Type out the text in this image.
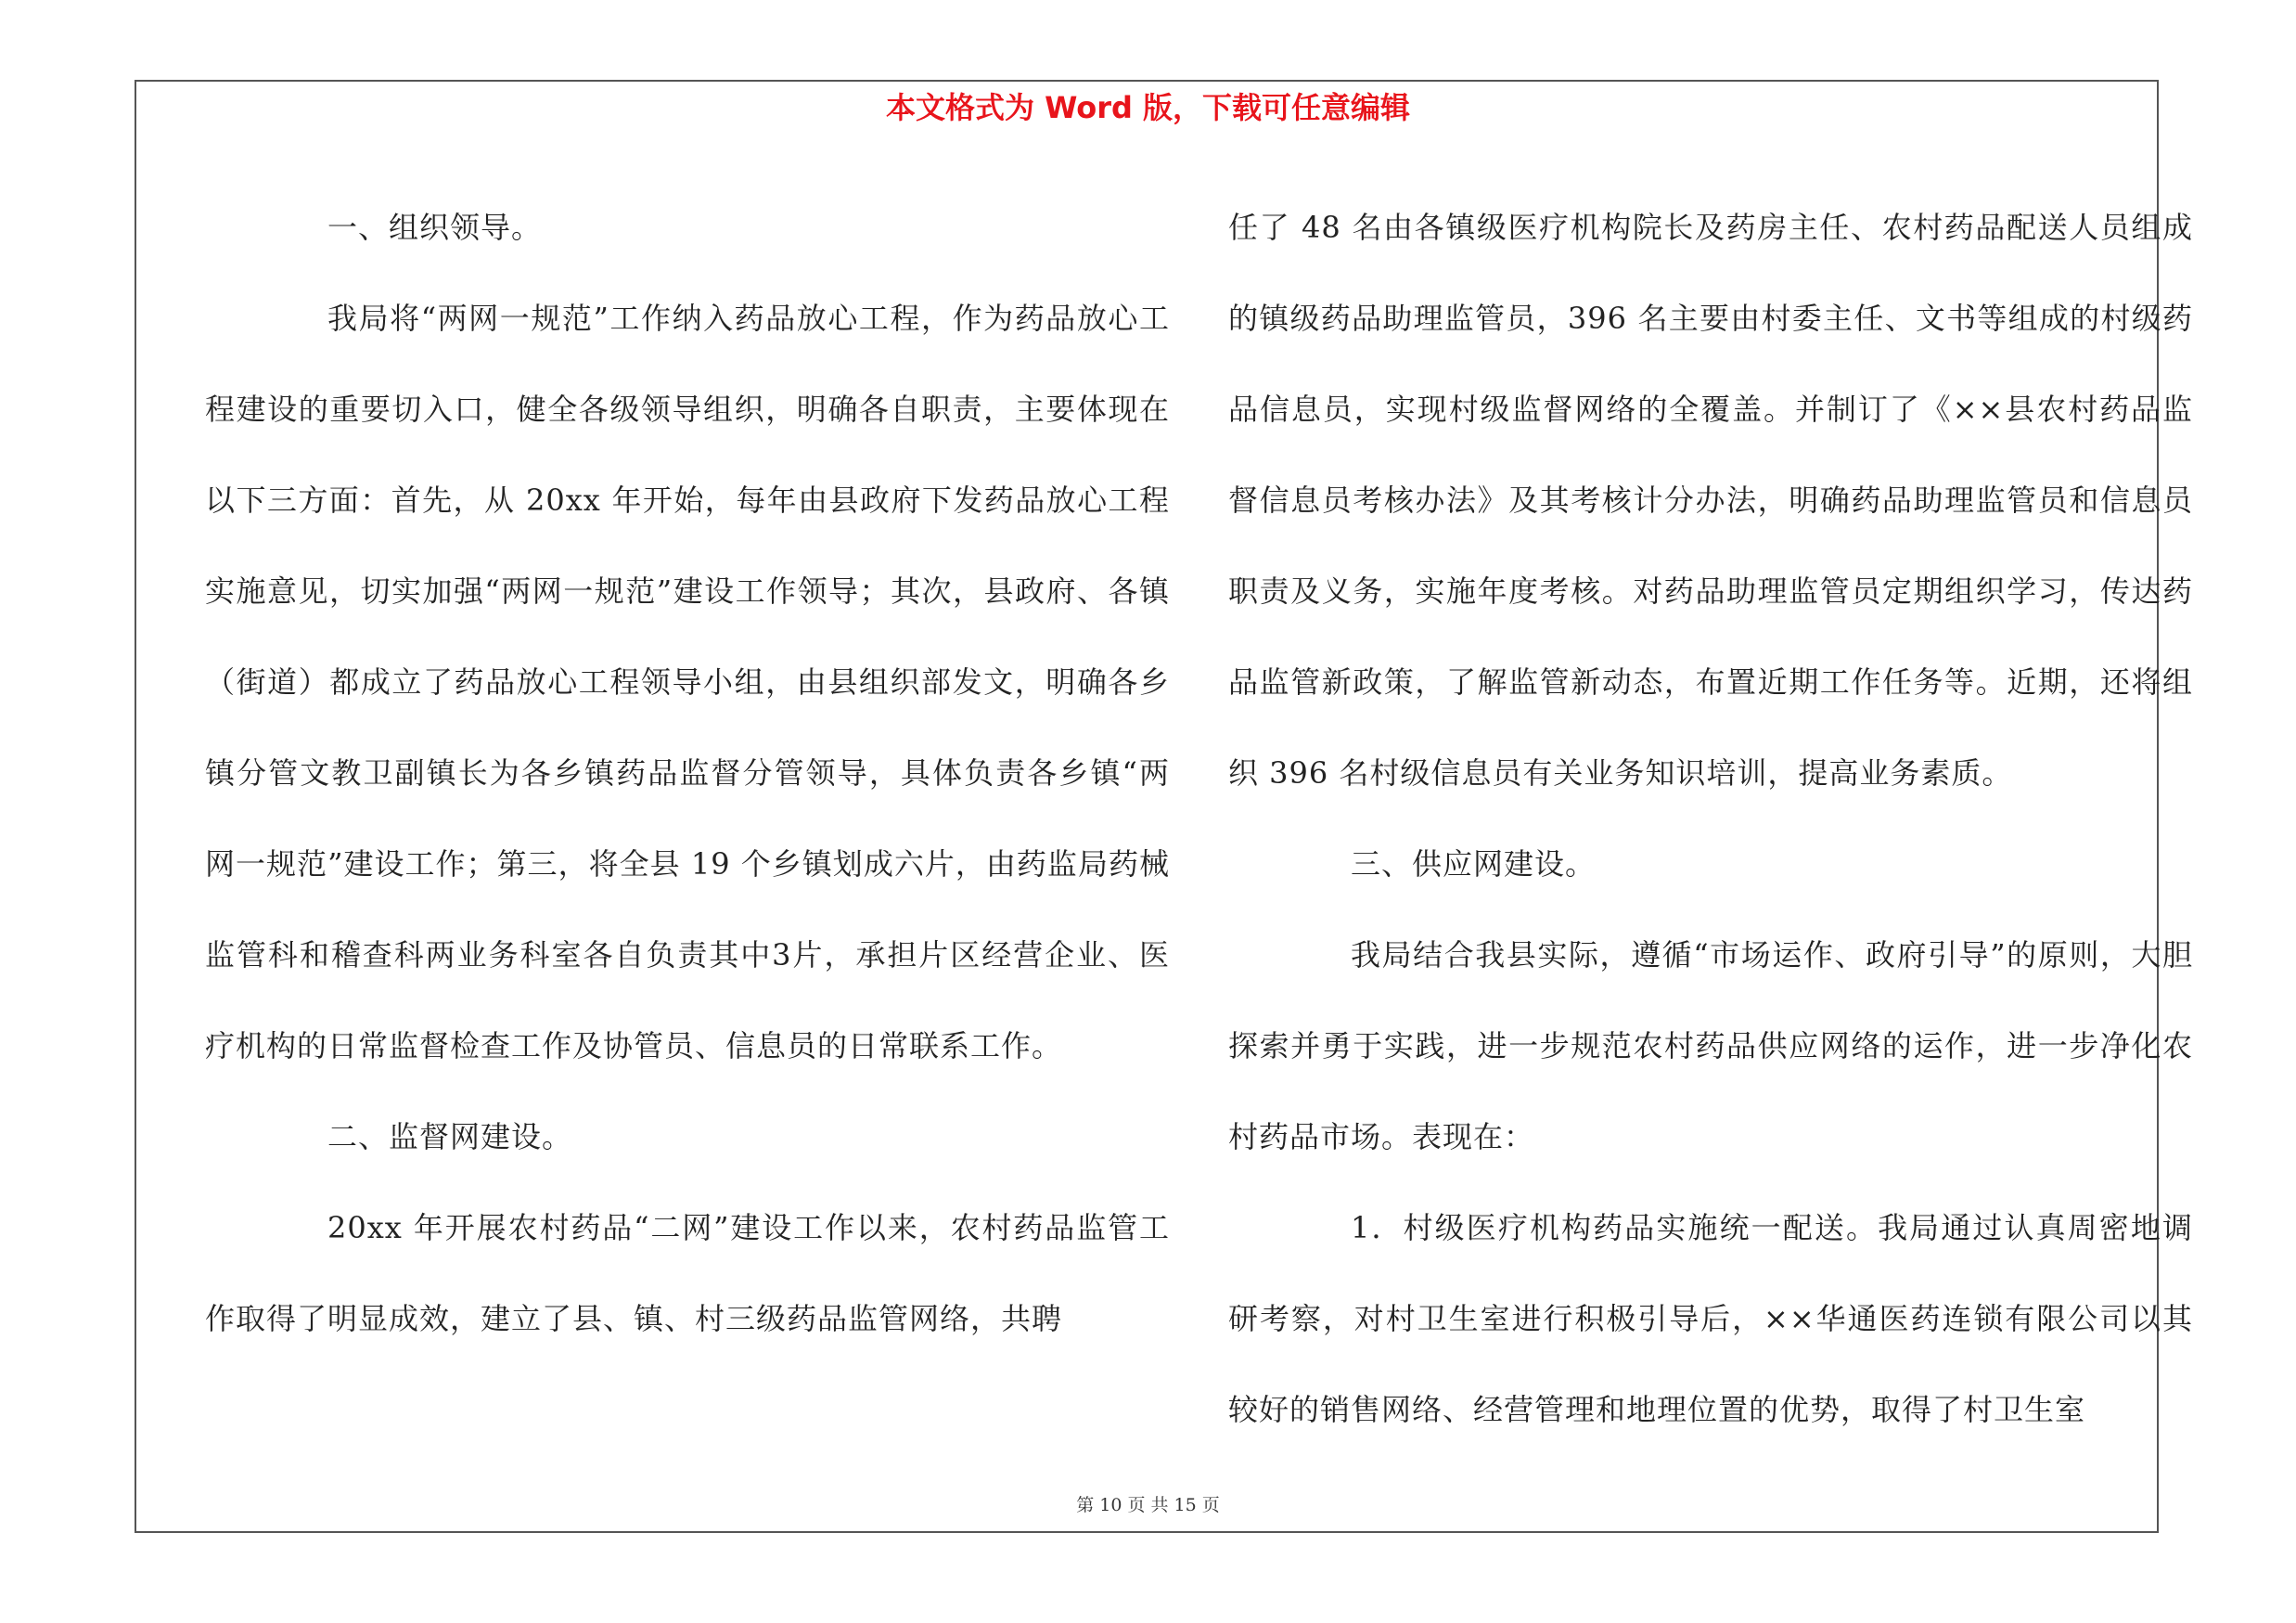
本文格式为 Word 版，下载可任意编辑

一、组织领导。

我局将“两网一规范”工作纳入药品放心工程，作为药品放心工程建设的重要切入口，健全各级领导组织，明确各自职责，主要体现在以下三方面：首先，从 20xx 年开始，每年由县政府下发药品放心工程实施意见，切实加强“两网一规范”建设工作领导；其次，县政府、各镇（街道）都成立了药品放心工程领导小组，由县组织部发文，明确各乡镇分管文教卫副镇长为各乡镇药品监督分管领导，具体负责各乡镇“两网一规范”建设工作；第三，将全县 19 个乡镇划成六片，由药监局药械监管科和稽查科两业务科室各自负责其中3片，承担片区经营企业、医疗机构的日常监督检查工作及协管员、信息员的日常联系工作。

二、监督网建设。

20xx 年开展农村药品“二网”建设工作以来，农村药品监管工作取得了明显成效，建立了县、镇、村三级药品监管网络，共聘

任了 48 名由各镇级医疗机构院长及药房主任、农村药品配送人员组成的镇级药品助理监管员，396 名主要由村委主任、文书等组成的村级药品信息员，实现村级监督网络的全覆盖。并制订了《××县农村药品监督信息员考核办法》及其考核计分办法，明确药品助理监管员和信息员职责及义务，实施年度考核。对药品助理监管员定期组织学习，传达药品监管新政策，了解监管新动态，布置近期工作任务等。近期，还将组织 396 名村级信息员有关业务知识培训，提高业务素质。

三、供应网建设。

我局结合我县实际，遵循“市场运作、政府引导”的原则，大胆探索并勇于实践，进一步规范农村药品供应网络的运作，进一步净化农村药品市场。表现在：

1．村级医疗机构药品实施统一配送。我局通过认真周密地调研考察，对村卫生室进行积极引导后，××华通医药连锁有限公司以其较好的销售网络、经营管理和地理位置的优势，取得了村卫生室

第 10 页 共 15 页
